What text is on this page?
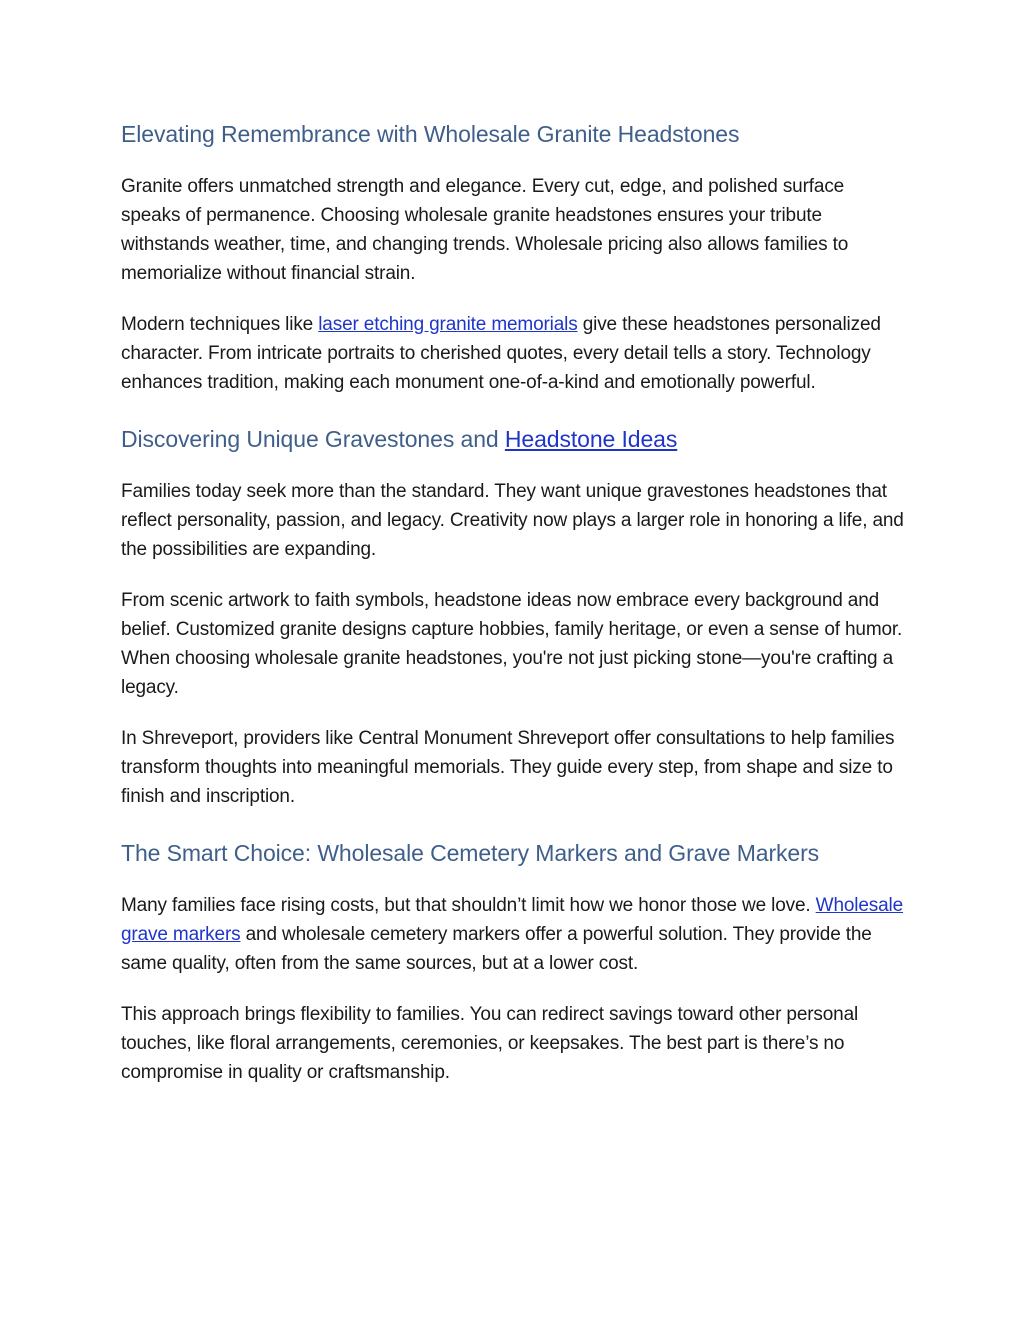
Elevating Remembrance with Wholesale Granite Headstones

Granite offers unmatched strength and elegance. Every cut, edge, and polished surface speaks of permanence. Choosing wholesale granite headstones ensures your tribute withstands weather, time, and changing trends. Wholesale pricing also allows families to memorialize without financial strain.

Modern techniques like laser etching granite memorials give these headstones personalized character. From intricate portraits to cherished quotes, every detail tells a story. Technology enhances tradition, making each monument one-of-a-kind and emotionally powerful.

Discovering Unique Gravestones and Headstone Ideas

Families today seek more than the standard. They want unique gravestones headstones that reflect personality, passion, and legacy. Creativity now plays a larger role in honoring a life, and the possibilities are expanding.

From scenic artwork to faith symbols, headstone ideas now embrace every background and belief. Customized granite designs capture hobbies, family heritage, or even a sense of humor. When choosing wholesale granite headstones, you're not just picking stone—you're crafting a legacy.

In Shreveport, providers like Central Monument Shreveport offer consultations to help families transform thoughts into meaningful memorials. They guide every step, from shape and size to finish and inscription.

The Smart Choice: Wholesale Cemetery Markers and Grave Markers

Many families face rising costs, but that shouldn’t limit how we honor those we love. Wholesale grave markers and wholesale cemetery markers offer a powerful solution. They provide the same quality, often from the same sources, but at a lower cost.

This approach brings flexibility to families. You can redirect savings toward other personal touches, like floral arrangements, ceremonies, or keepsakes. The best part is there’s no compromise in quality or craftsmanship.
